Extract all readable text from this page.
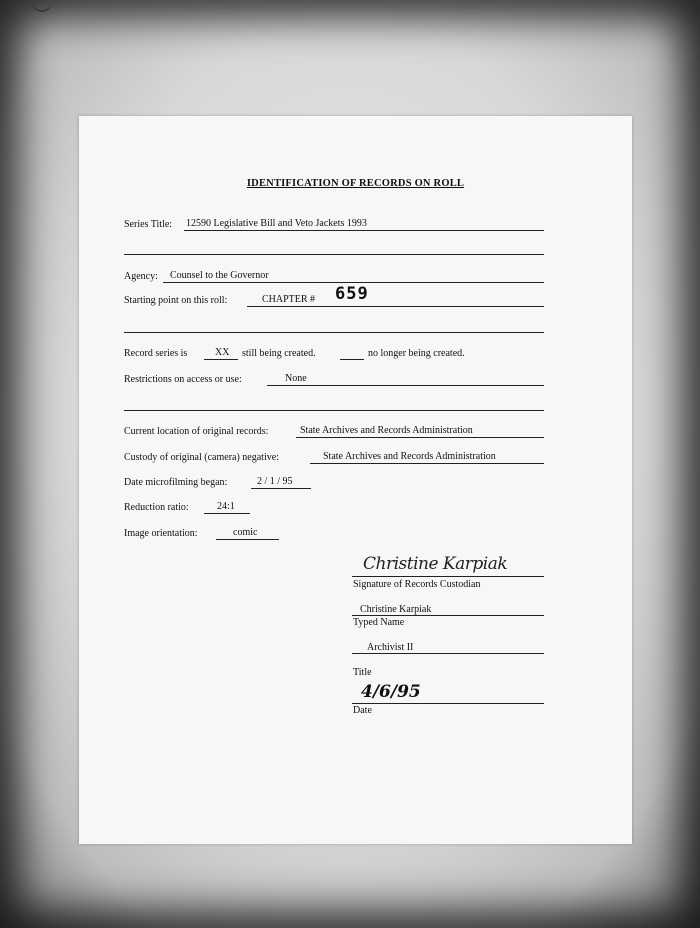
IDENTIFICATION OF RECORDS ON ROLL
Series Title: 12590 Legislative Bill and Veto Jackets 1993
Agency: Counsel to the Governor
Starting point on this roll:	CHAPTER # 659
Record series is	XX still being created.	no longer being created.
Restrictions on access or use:	None
Current location of original records:	State Archives and Records Administration
Custody of original (camera) negative:	State Archives and Records Administration
Date microfilming began:	2 / 1 / 95
Reduction ratio:	24:1
Image orientation:	comic
Christine Karpiak
Signature of Records Custodian
Christine Karpiak
Typed Name
Archivist II
Title
4/6/95
Date
